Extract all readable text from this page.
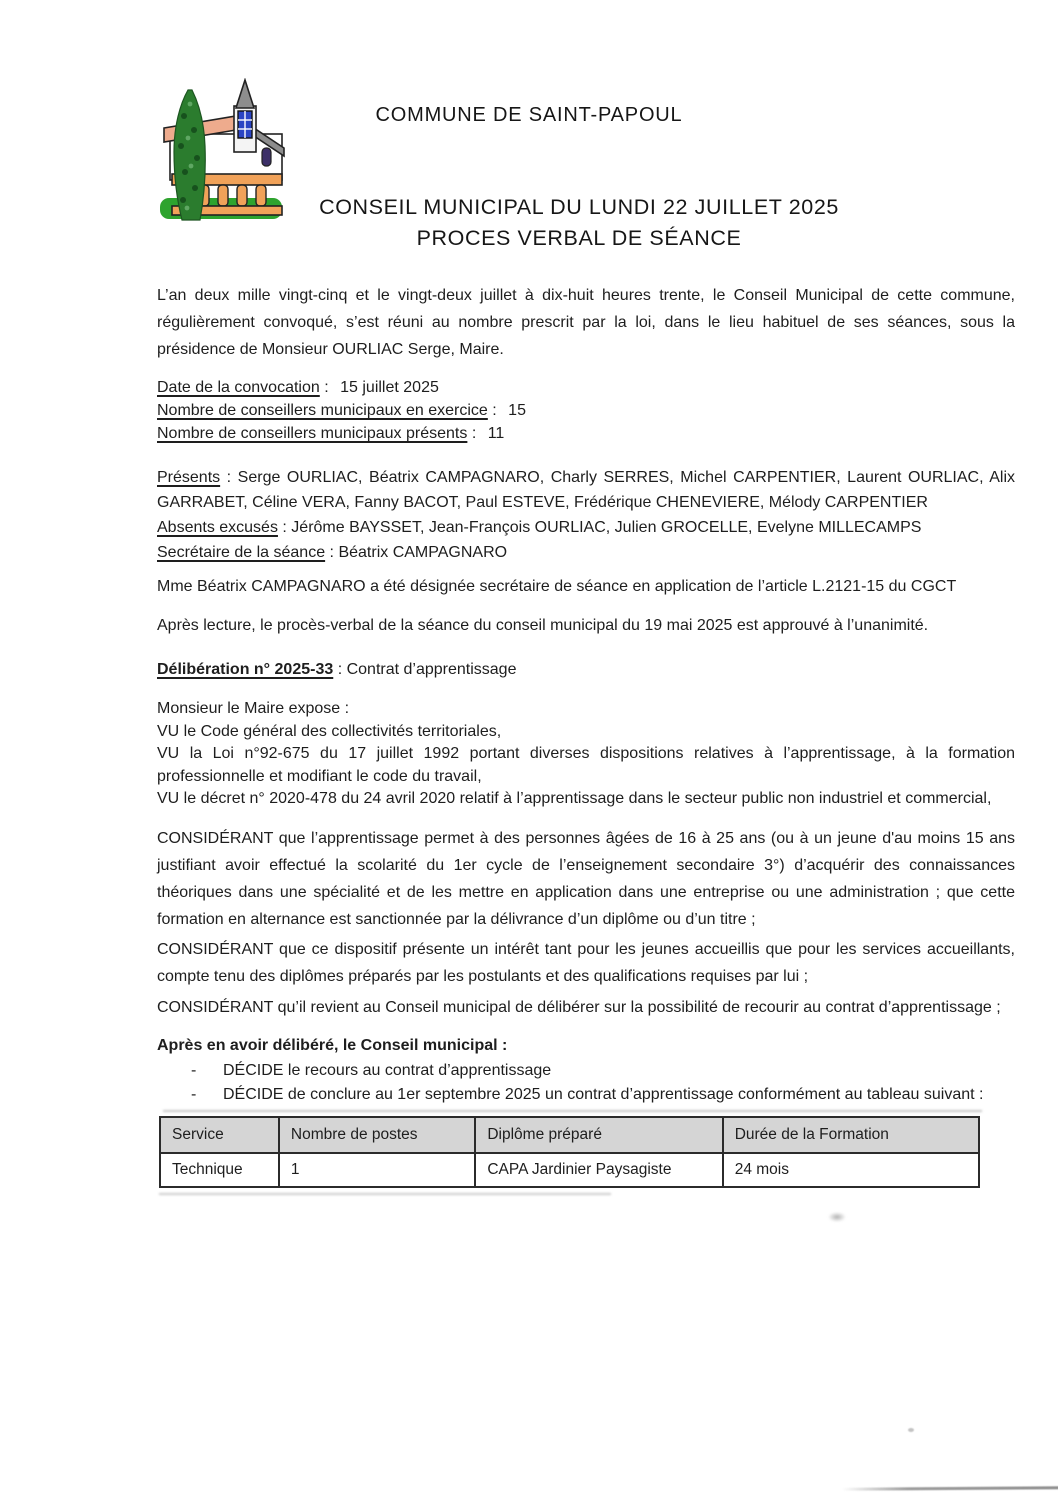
COMMUNE DE SAINT-PAPOUL
CONSEIL MUNICIPAL DU LUNDI 22 JUILLET 2025
PROCES VERBAL DE SÉANCE

L’an deux mille vingt-cinq et le vingt-deux juillet à dix-huit heures trente, le Conseil Municipal de cette commune, régulièrement convoqué, s’est réuni au nombre prescrit par la loi, dans le lieu habituel de ses séances, sous la présidence de Monsieur OURLIAC Serge, Maire.

Date de la convocation : 15 juillet 2025
Nombre de conseillers municipaux en exercice : 15
Nombre de conseillers municipaux présents : 11
Présents : Serge OURLIAC, Béatrix CAMPAGNARO, Charly SERRES, Michel CARPENTIER, Laurent OURLIAC, Alix GARRABET, Céline VERA, Fanny BACOT, Paul ESTEVE, Frédérique CHENEVIERE, Mélody CARPENTIER
Absents excusés : Jérôme BAYSSET, Jean-François OURLIAC, Julien GROCELLE, Evelyne MILLECAMPS
Secrétaire de la séance : Béatrix CAMPAGNARO

Mme Béatrix CAMPAGNARO a été désignée secrétaire de séance en application de l’article L.2121-15 du CGCT

Après lecture, le procès-verbal de la séance du conseil municipal du 19 mai 2025 est approuvé à l’unanimité.

Délibération n° 2025-33 : Contrat d’apprentissage

Monsieur le Maire expose :

VU le Code général des collectivités territoriales,

VU la Loi n°92-675 du 17 juillet 1992 portant diverses dispositions relatives à l’apprentissage, à la formation professionnelle et modifiant le code du travail,

VU le décret n° 2020-478 du 24 avril 2020 relatif à l’apprentissage dans le secteur public non industriel et commercial,

CONSIDÉRANT que l’apprentissage permet à des personnes âgées de 16 à 25 ans (ou à un jeune d'au moins 15 ans justifiant avoir effectué la scolarité du 1er cycle de l’enseignement secondaire 3°) d’acquérir des connaissances théoriques dans une spécialité et de les mettre en application dans une entreprise ou une administration ; que cette formation en alternance est sanctionnée par la délivrance d’un diplôme ou d’un titre ;

CONSIDÉRANT que ce dispositif présente un intérêt tant pour les jeunes accueillis que pour les services accueillants, compte tenu des diplômes préparés par les postulants et des qualifications requises par lui ;

CONSIDÉRANT qu’il revient au Conseil municipal de délibérer sur la possibilité de recourir au contrat d’apprentissage ;

Après en avoir délibéré, le Conseil municipal :

-	DÉCIDE le recours au contrat d’apprentissage
-	DÉCIDE de conclure au 1er septembre 2025 un contrat d’apprentissage conformément au tableau suivant :
Service	Nombre de postes	Diplôme préparé	Durée de la Formation
Technique	1	CAPA Jardinier Paysagiste	24 mois
